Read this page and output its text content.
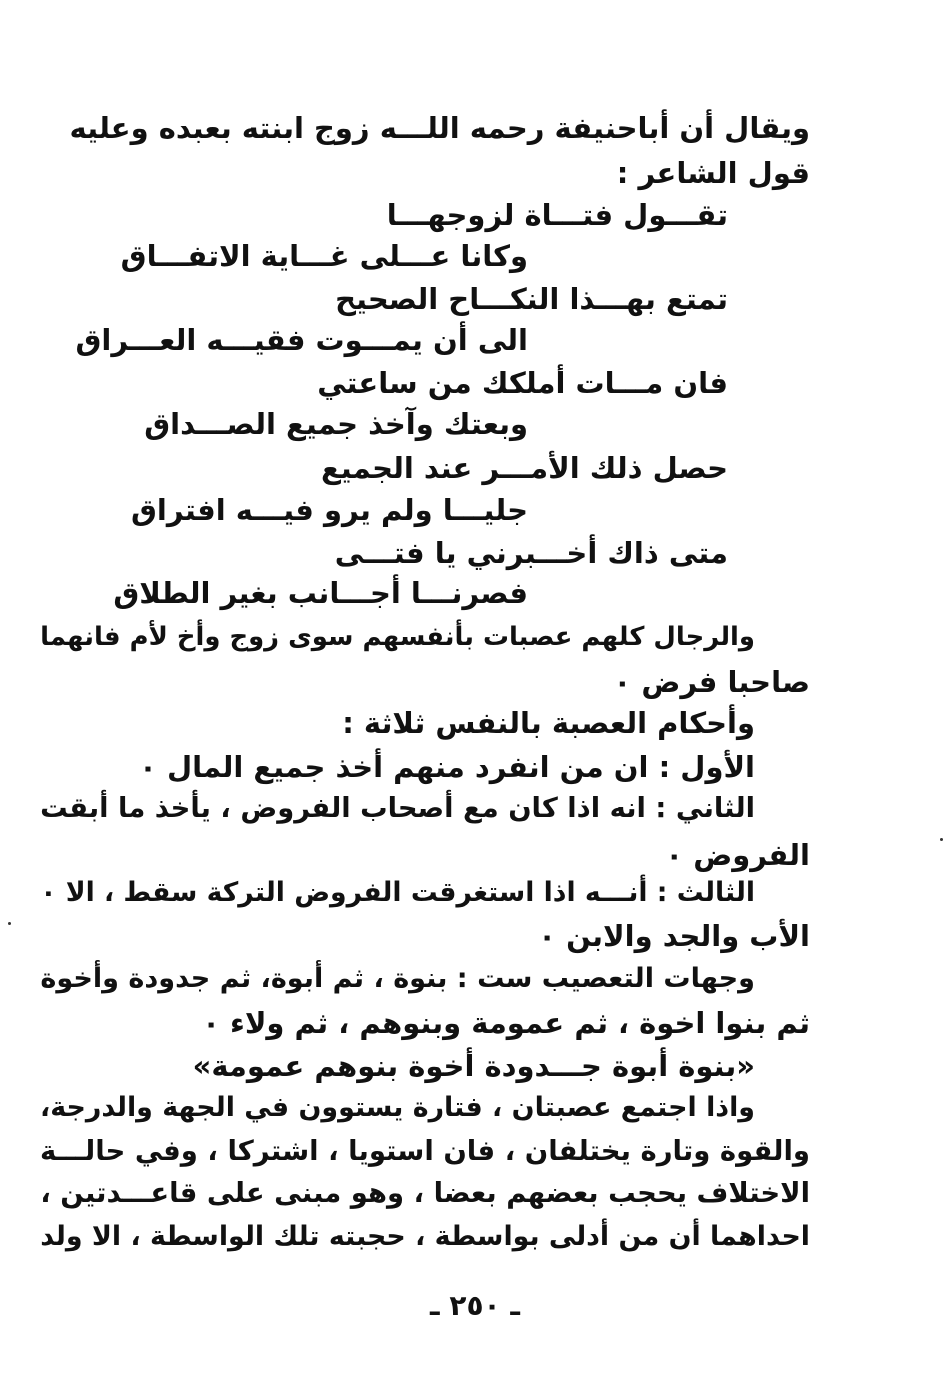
ويقال أن أباحنيفة رحمه اللـــه زوج ابنته بعبده وعليه
قول الشاعر :
تقـــول فتـــاة لزوجهـــا
وكانا عـــلى غـــاية الاتفـــاق
تمتع بهـــذا النكـــاح الصحيح
الى أن يمـــوت فقيـــه العـــراق
فان مـــات أملكك من ساعتي
وبعتك وآخذ جميع الصـــداق
حصل ذلك الأمـــر عند الجميع
جليـــا ولم يرو فيـــه افتراق
متى ذاك أخـــبرني يا فتـــى
فصرنـــا أجـــانب بغير الطلاق
والرجال كلهم عصبات بأنفسهم سوى زوج وأخ لأم فانهما
صاحبا فرض ٠
وأحكام العصبة بالنفس ثلاثة :
الأول : ان من انفرد منهم أخذ جميع المال ٠
الثاني : انه اذا كان مع أصحاب الفروض ، يأخذ ما أبقت
الفروض ٠
الثالث : أنـــه اذا استغرقت الفروض التركة سقط ، الا ٠
الأب والجد والابن ٠
وجهات التعصيب ست : بنوة ، ثم أبوة، ثم جدودة وأخوة
ثم بنوا اخوة ، ثم عمومة وبنوهم ، ثم ولاء ٠
«بنوة أبوة جـــدودة أخوة بنوهم عمومة»
واذا اجتمع عصبتان ، فتارة يستوون في الجهة والدرجة،
والقوة وتارة يختلفان ، فان استويا ، اشتركا ، وفي حالـــة
الاختلاف يحجب بعضهم بعضا ، وهو مبنى على قاعـــدتين ،
احداهما أن من أدلى بواسطة ، حجبته تلك الواسطة ، الا ولد
ـ ٢٥٠ ـ
